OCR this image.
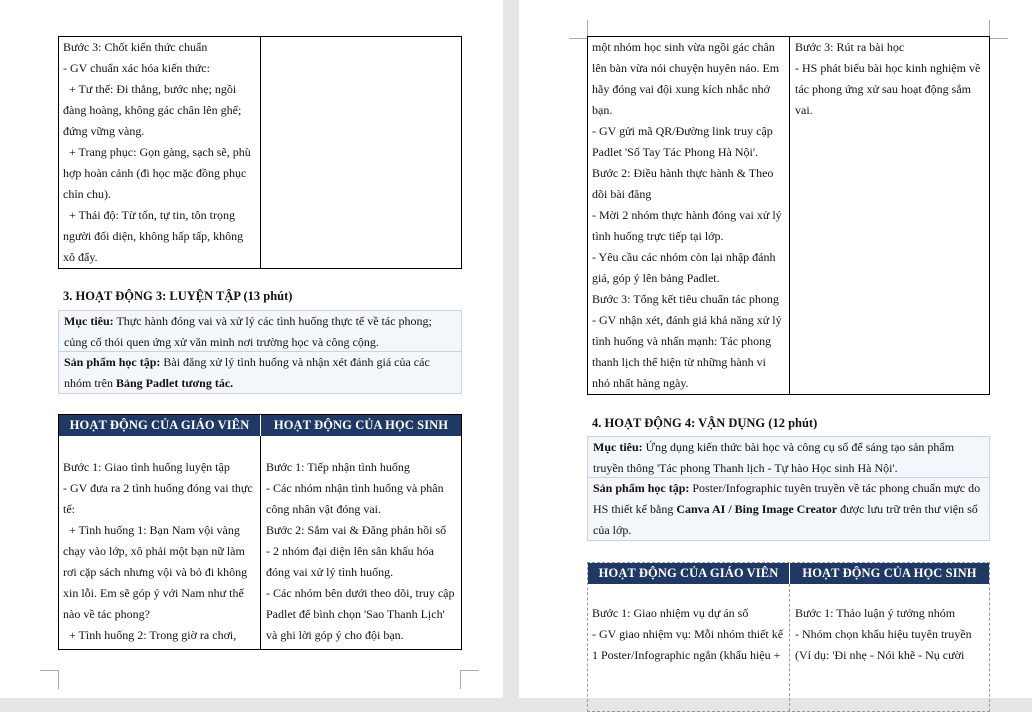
Bước 3: Chốt kiến thức chuẩn
- GV chuẩn xác hóa kiến thức:
+ Tư thế: Đi thẳng, bước nhẹ; ngồi
đàng hoàng, không gác chân lên ghế;
đứng vững vàng.
+ Trang phục: Gọn gàng, sạch sẽ, phù
hợp hoàn cảnh (đi học mặc đồng phục
chỉn chu).
+ Thái độ: Từ tốn, tự tin, tôn trọng
người đối diện, không hấp tấp, không
xô đẩy.
3. HOẠT ĐỘNG 3: LUYỆN TẬP (13 phút)
Mục tiêu: Thực hành đóng vai và xử lý các tình huống thực tế về tác phong;
củng cố thói quen ứng xử văn minh nơi trường học và công cộng.
Sản phẩm học tập: Bài đăng xử lý tình huống và nhận xét đánh giá của các
nhóm trên Bảng Padlet tương tác.
HOẠT ĐỘNG CỦA GIÁO VIÊN	HOẠT ĐỘNG CỦA HỌC SINH
Bước 1: Giao tình huống luyện tập
- GV đưa ra 2 tình huống đóng vai thực
tế:
+ Tình huống 1: Bạn Nam vội vàng
chạy vào lớp, xô phải một bạn nữ làm
rơi cặp sách nhưng vội và bỏ đi không
xin lỗi. Em sẽ góp ý với Nam như thế
nào về tác phong?
+ Tình huống 2: Trong giờ ra chơi,
Bước 1: Tiếp nhận tình huống
- Các nhóm nhận tình huống và phân
công nhân vật đóng vai.
Bước 2: Sắm vai & Đăng phản hồi số
- 2 nhóm đại diện lên sân khấu hóa
đóng vai xử lý tình huống.
- Các nhóm bên dưới theo dõi, truy cập
Padlet để bình chọn 'Sao Thanh Lịch'
và ghi lời góp ý cho đội bạn.
một nhóm học sinh vừa ngồi gác chân
lên bàn vừa nói chuyện huyên náo. Em
hãy đóng vai đội xung kích nhắc nhở
bạn.
- GV gửi mã QR/Đường link truy cập
Padlet 'Sổ Tay Tác Phong Hà Nội'.
Bước 2: Điều hành thực hành & Theo
dõi bài đăng
- Mời 2 nhóm thực hành đóng vai xử lý
tình huống trực tiếp tại lớp.
- Yêu cầu các nhóm còn lại nhập đánh
giá, góp ý lên bảng Padlet.
Bước 3: Tổng kết tiêu chuẩn tác phong
- GV nhận xét, đánh giá khả năng xử lý
tình huống và nhấn mạnh: Tác phong
thanh lịch thể hiện từ những hành vi
nhỏ nhất hàng ngày.
Bước 3: Rút ra bài học
- HS phát biểu bài học kinh nghiệm về
tác phong ứng xử sau hoạt động sắm
vai.
4. HOẠT ĐỘNG 4: VẬN DỤNG (12 phút)
Mục tiêu: Ứng dụng kiến thức bài học và công cụ số để sáng tạo sản phẩm
truyền thông 'Tác phong Thanh lịch - Tự hào Học sinh Hà Nội'.
Sản phẩm học tập: Poster/Infographic tuyên truyền về tác phong chuẩn mực do
HS thiết kế bằng Canva AI / Bing Image Creator được lưu trữ trên thư viện số
của lớp.
HOẠT ĐỘNG CỦA GIÁO VIÊN	HOẠT ĐỘNG CỦA HỌC SINH
Bước 1: Giao nhiệm vụ dự án số
- GV giao nhiệm vụ: Mỗi nhóm thiết kế
1 Poster/Infographic ngắn (khẩu hiệu +
Bước 1: Thảo luận ý tưởng nhóm
- Nhóm chọn khẩu hiệu tuyên truyền
(Ví dụ: 'Đi nhẹ - Nói khẽ - Nụ cười
